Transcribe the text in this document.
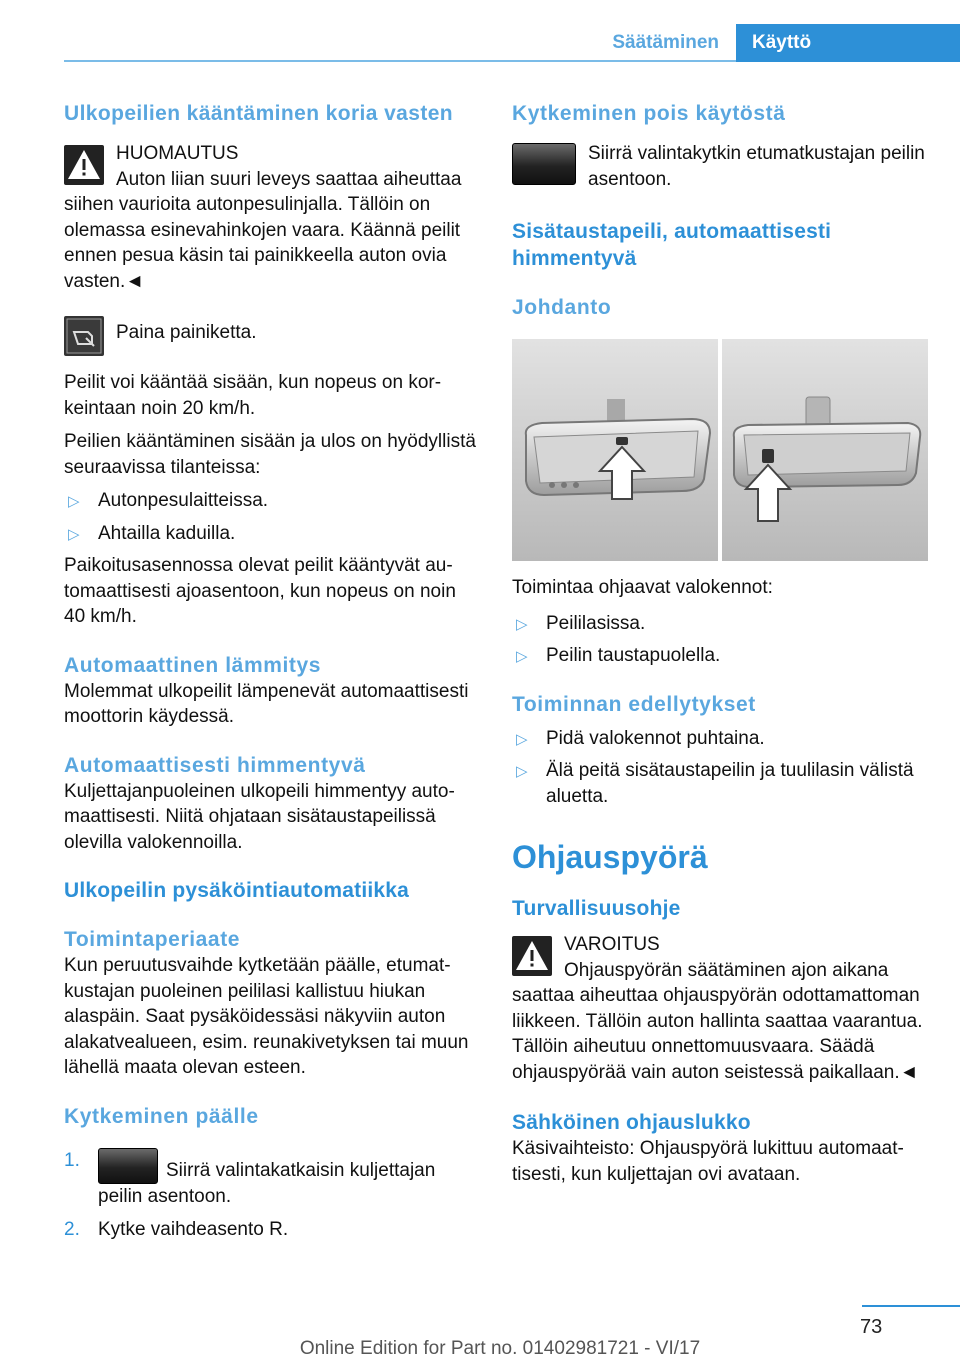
Säätäminen	Käyttö
Ulkopeilien kääntäminen koria vasten
HUOMAUTUS
Auton liian suuri leveys saattaa aiheuttaa siihen vaurioita autonpesulinjalla. Tällöin on olemassa esinevahinkojen vaara. Käännä peilit ennen pesua käsin tai painikkeella auton ovia vasten.◄
Paina painiketta.

Peilit voi kääntää sisään, kun nopeus on korkeintaan noin 20 km/h.

Peilien kääntäminen sisään ja ulos on hyödyllistä seuraavissa tilanteissa:

▷ Autonpesulaitteissa.
▷ Ahtailla kaduilla.

Paikoitusasennossa olevat peilit kääntyvät automaattisesti ajoasentoon, kun nopeus on noin 40 km/h.

Automaattinen lämmitys

Molemmat ulkopeilit lämpenevät automaattisesti moottorin käydessä.

Automaattisesti himmentyvä

Kuljettajanpuoleinen ulkopeili himmentyy automaattisesti. Niitä ohjataan sisätaustapeilissä olevilla valokennoilla.

Ulkopeilin pysäköintiautomatiikka
Toimintaperiaate

Kun peruutusvaihde kytketään päälle, etumatkustajan puoleinen peililasi kallistuu hiukan alaspäin. Saat pysäköidessäsi näkyviin auton alakatvealueen, esim. reunakivetyksen tai muun lähellä maata olevan esteen.

Kytkeminen päälle
1.	Siirrä valintakatkaisin kuljettajan peilin asentoon.
2. Kytke vaihdeasento R.
Kytkeminen pois käytöstä
Siirrä valintakytkin etumatkustajan peilin asentoon.
Sisätaustapeili, automaattisesti himmentyvä
Johdanto

Toimintaa ohjaavat valokennot:

▷ Peililasissa.
▷ Peilin taustapuolella.
Toiminnan edellytykset
▷ Pidä valokennot puhtaina.
▷ Älä peitä sisätaustapeilin ja tuulilasin välistä aluetta.
Ohjauspyörä
Turvallisuusohje
VAROITUS
Ohjauspyörän säätäminen ajon aikana saattaa aiheuttaa ohjauspyörän odottamattoman liikkeen. Tällöin auton hallinta saattaa vaarantua. Tällöin aiheutuu onnettomuusvaara. Säädä ohjauspyörää vain auton seistessä paikallaan.◄
Sähköinen ohjauslukko

Käsivaihteisto: Ohjauspyörä lukittuu automaattisesti, kun kuljettajan ovi avataan.

73
Online Edition for Part no. 01402981721 - VI/17
